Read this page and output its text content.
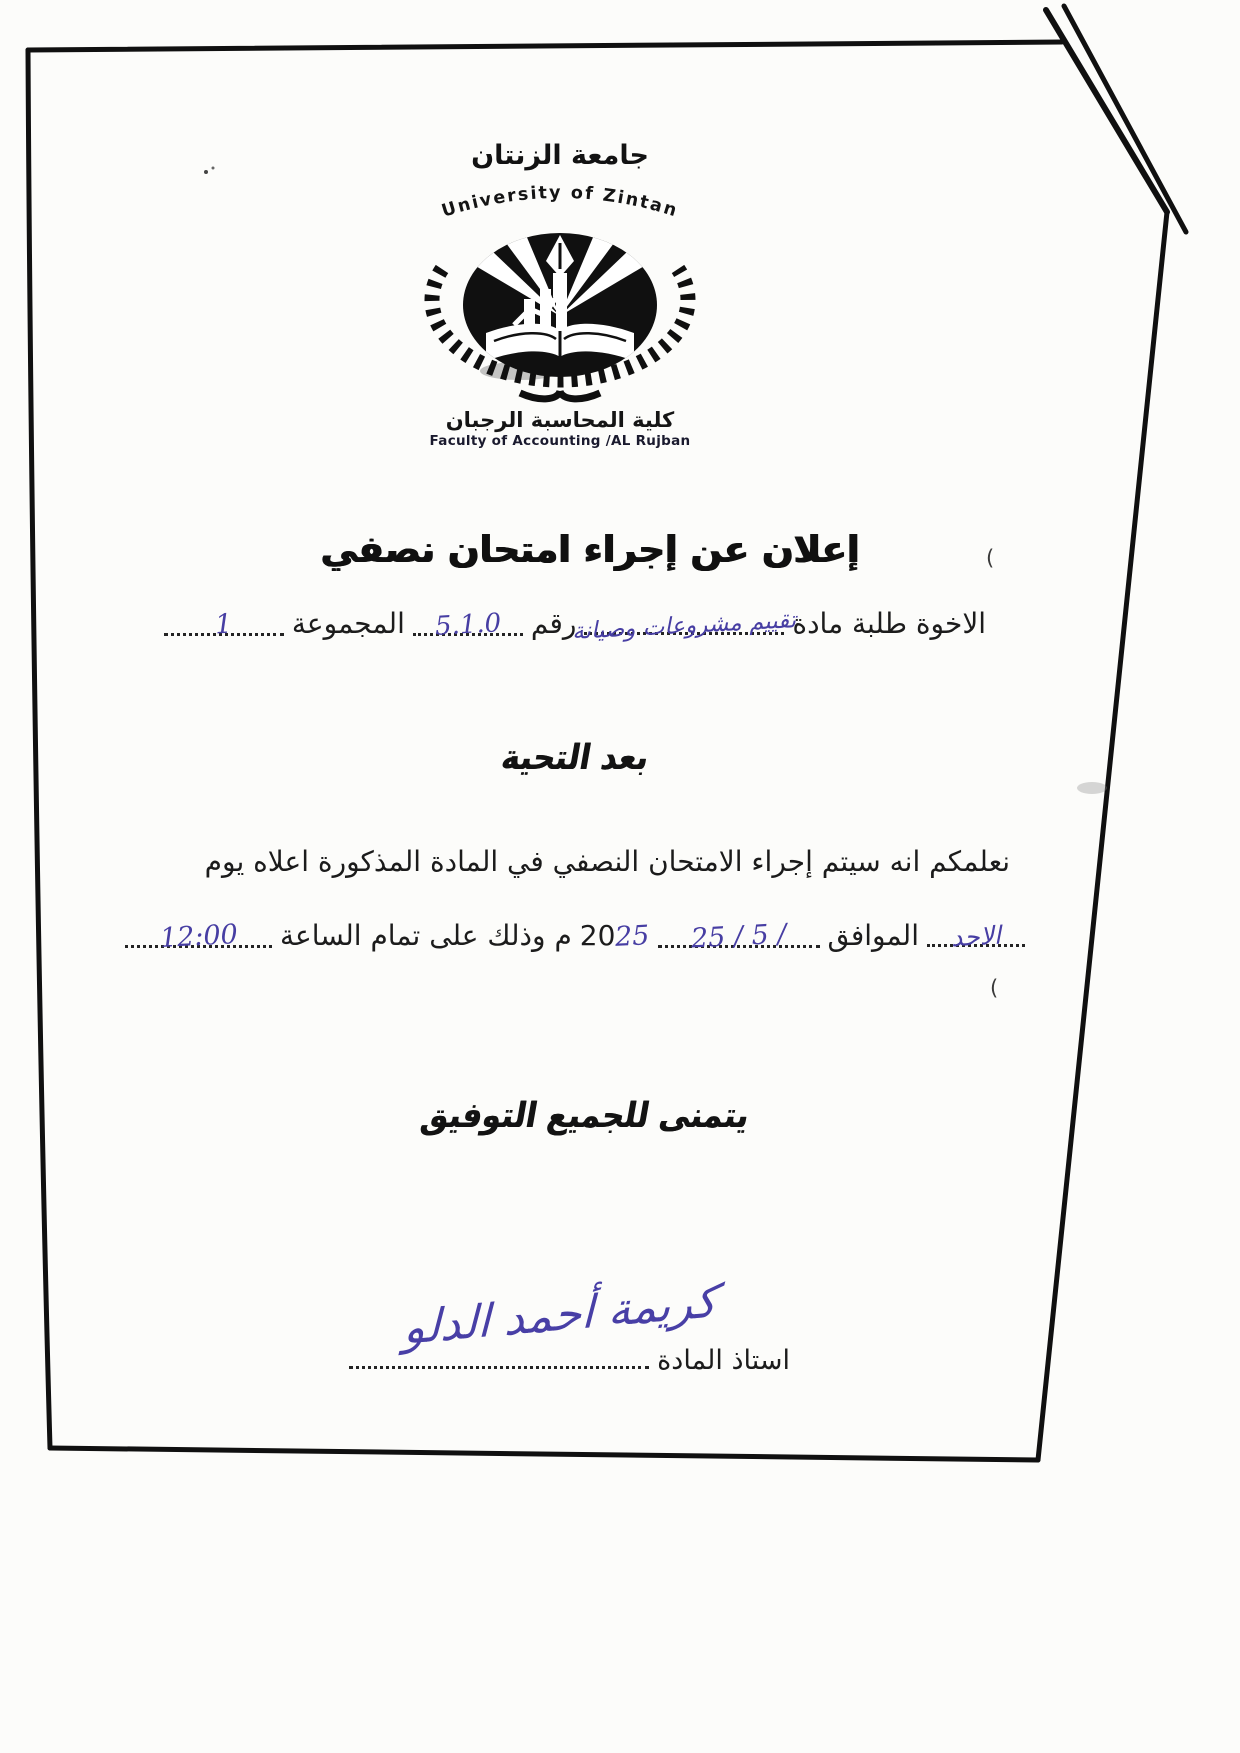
جامعة الزنتان
University of Zintan
كلية المحاسبة الرجبان
Faculty of Accounting /AL Rujban
إعلان عن إجراء امتحان نصفي	(
الاخوة طلبة مادة
تقييم مشروعات وصيانة
رقم
5.1.0
المجموعة
1
بعد التحية
نعلمكم انه سيتم إجراء الامتحان النصفي في المادة المذكورة اعلاه يوم
الاحد
الموافق
25 / 5 /
2025
م وذلك على تمام الساعة
12:00
يتمنى للجميع التوفيق
(
استاذ المادة
كريمة أحمد الدلو
